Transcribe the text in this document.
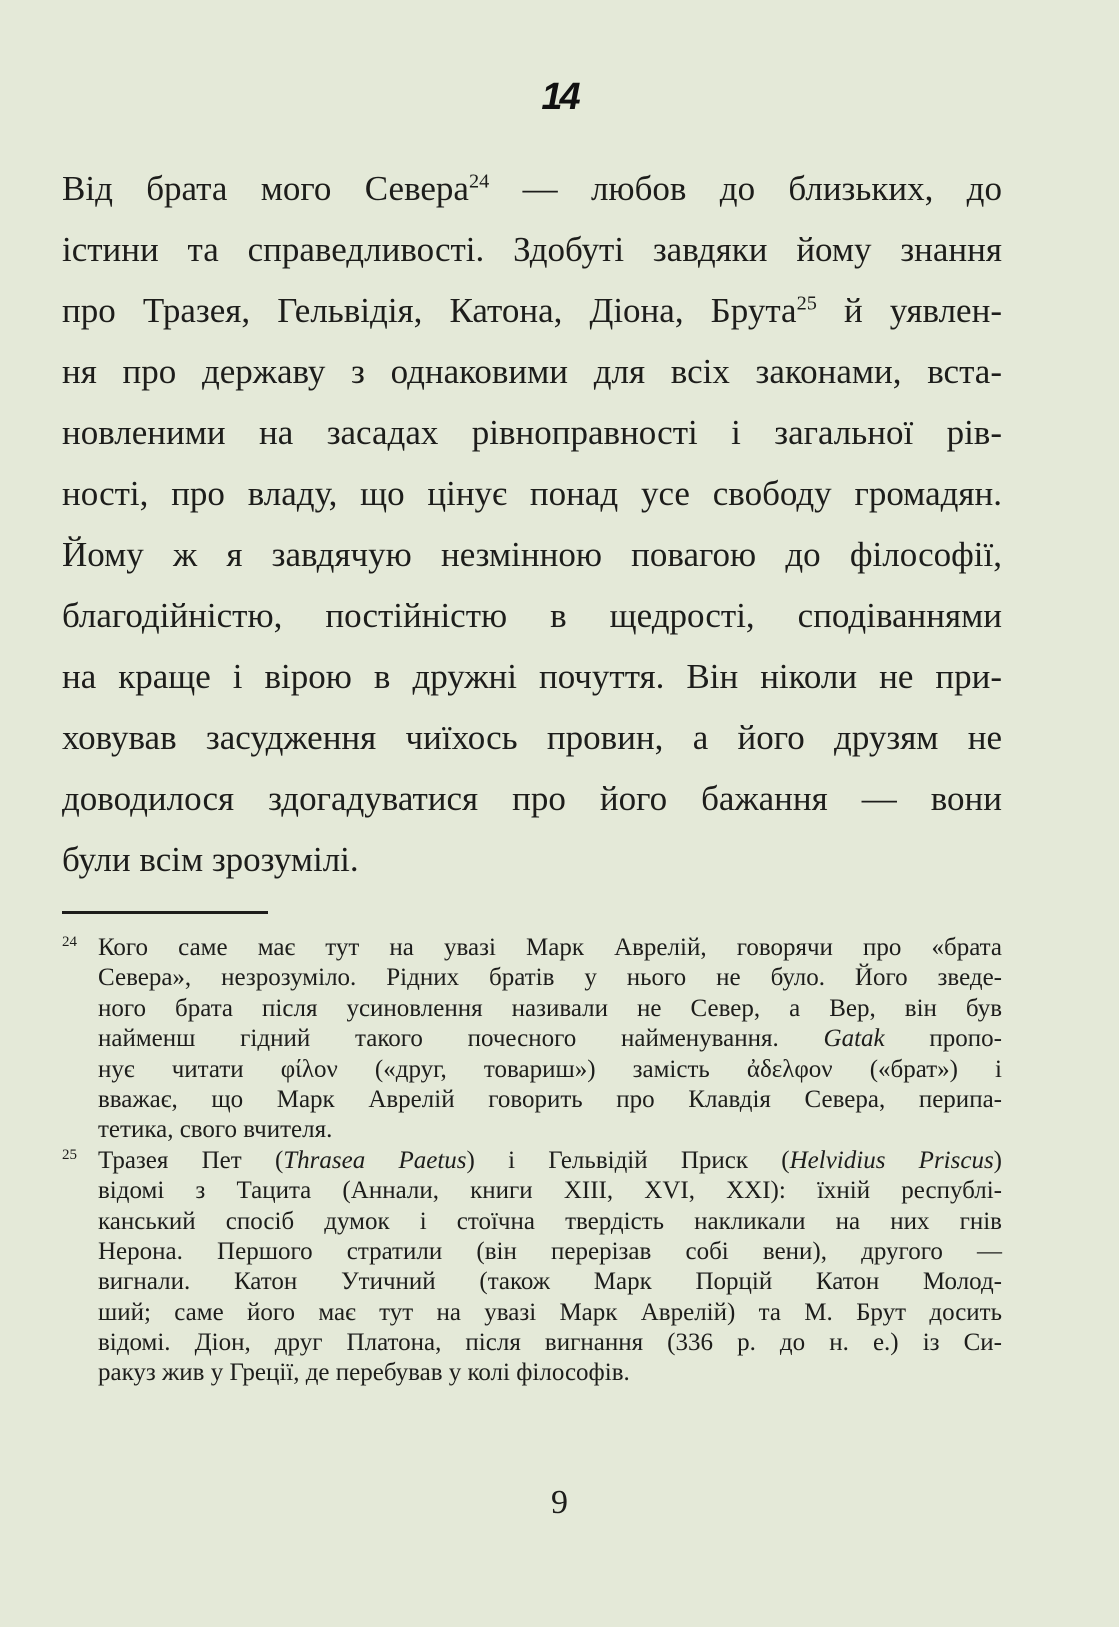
14
Від брата мого Севера$^{24}$ — любов до близьких, до
істини та справедливості. Здобуті завдяки йому знання
про Тразея, Гельвідія, Катона, Діона, Брута$^{25}$ й уявлен-
ня про державу з однаковими для всіх законами, вста-
новленими на засадах рівноправності і загальної рів-
ності, про владу, що цінує понад усе свободу громадян.
Йому ж я завдячую незмінною повагою до філософії,
благодійністю, постійністю в щедрості, сподіваннями
на краще і вірою в дружні почуття. Він ніколи не при-
ховував засудження чиїхось провин, а його друзям не
доводилося здогадуватися про його бажання — вони
були всім зрозумілі.
24 Кого саме має тут на увазі Марк Аврелій, говорячи про «брата
Севера», незрозуміло. Рідних братів у нього не було. Його зведе-
ного брата після усиновлення називали не Север, а Вер, він був
найменш гідний такого почесного найменування. Gatak пропо-
нує читати φίλον («друг, товариш») замість ἀδελφον («брат») і
вважає, що Марк Аврелій говорить про Клавдія Севера, перипа-
тетика, свого вчителя.
25 Тразея Пет (Thrasea Paetus) і Гельвідій Приск (Helvidius Priscus)
відомі з Тацита (Аннали, книги XIII, XVI, XXI): їхній республі-
канський спосіб думок і стоїчна твердість накликали на них гнів
Нерона. Першого стратили (він перерізав собі вени), другого —
вигнали. Катон Утичний (також Марк Порцій Катон Молод-
ший; саме його має тут на увазі Марк Аврелій) та М. Брут досить
відомі. Діон, друг Платона, після вигнання (336 р. до н. е.) із Си-
ракуз жив у Греції, де перебував у колі філософів.
9
